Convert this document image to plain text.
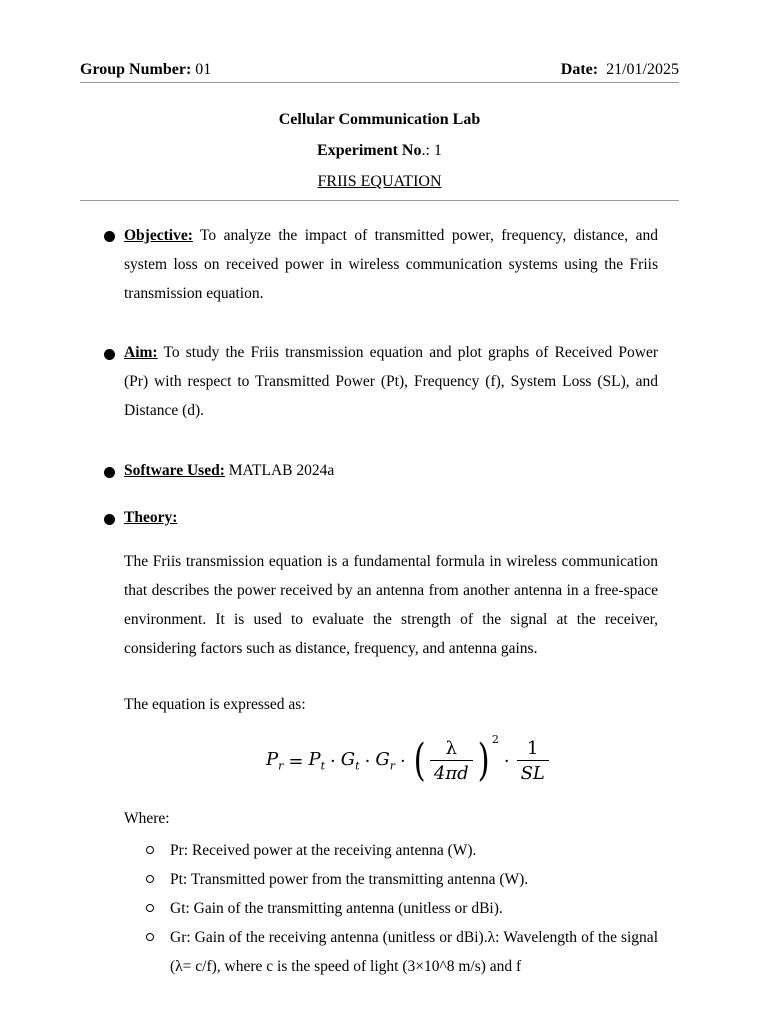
Group Number: 01	Date: 21/01/2025
Cellular Communication Lab
Experiment No.: 1
FRIIS EQUATION
Objective: To analyze the impact of transmitted power, frequency, distance, and system loss on received power in wireless communication systems using the Friis transmission equation.
Aim: To study the Friis transmission equation and plot graphs of Received Power (Pr) with respect to Transmitted Power (Pt), Frequency (f), System Loss (SL), and Distance (d).
Software Used: MATLAB 2024a
Theory:
The Friis transmission equation is a fundamental formula in wireless communication that describes the power received by an antenna from another antenna in a free-space environment. It is used to evaluate the strength of the signal at the receiver, considering factors such as distance, frequency, and antenna gains.
The equation is expressed as:
$P_r = P_t \cdot G_t \cdot G_r$ · ( $\frac{\lambda}{4\pi d}$ ) 2
· $\frac{1}{SL}$
Where:
Pr: Received power at the receiving antenna (W).
Pt: Transmitted power from the transmitting antenna (W).
Gt: Gain of the transmitting antenna (unitless or dBi).
Gr: Gain of the receiving antenna (unitless or dBi).λ: Wavelength of the signal (λ= c/f), where c is the speed of light (3×10^8 m/s) and f
